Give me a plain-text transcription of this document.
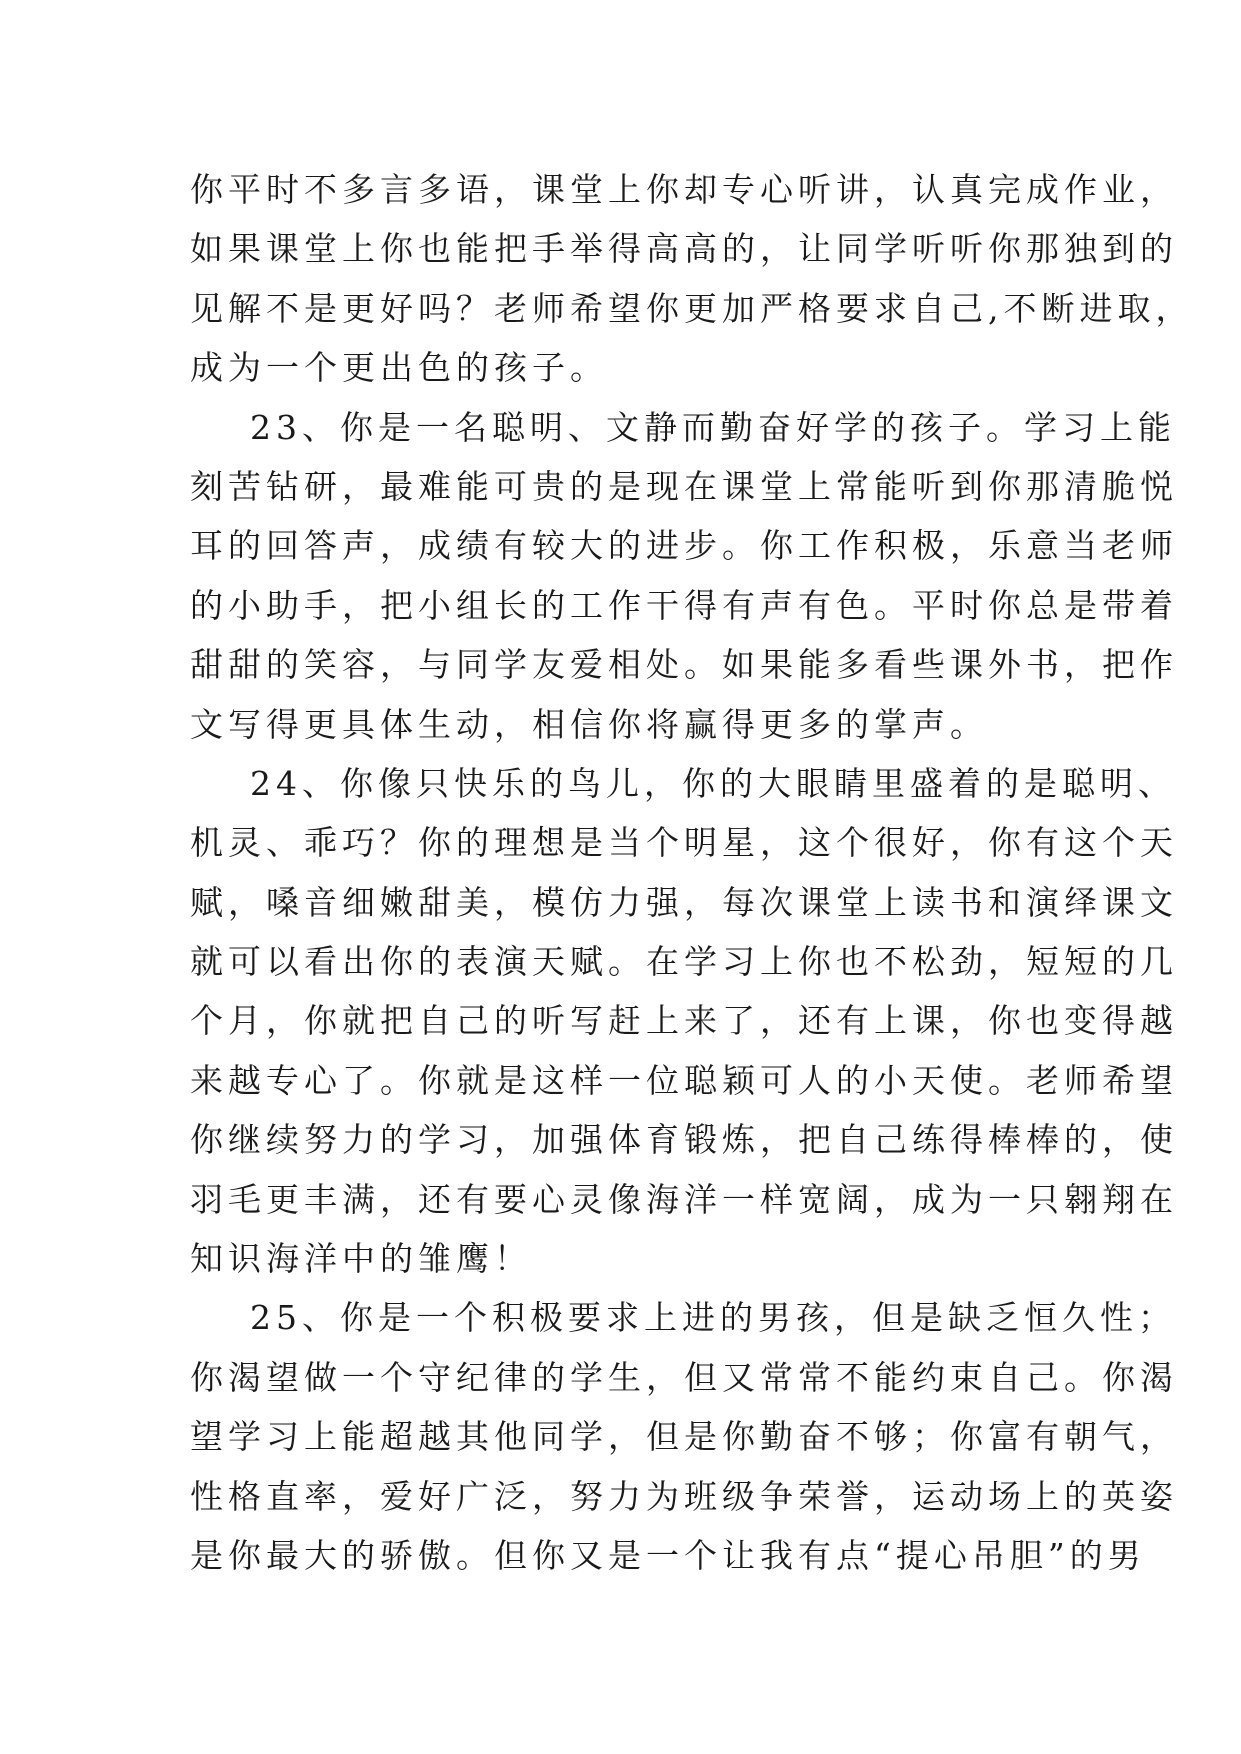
你平时不多言多语，课堂上你却专心听讲，认真完成作业，
如果课堂上你也能把手举得高高的，让同学听听你那独到的
见解不是更好吗？老师希望你更加严格要求自己,不断进取，
成为一个更出色的孩子。
23、你是一名聪明、文静而勤奋好学的孩子。学习上能
刻苦钻研，最难能可贵的是现在课堂上常能听到你那清脆悦
耳的回答声，成绩有较大的进步。你工作积极，乐意当老师
的小助手，把小组长的工作干得有声有色。平时你总是带着
甜甜的笑容，与同学友爱相处。如果能多看些课外书，把作
文写得更具体生动，相信你将赢得更多的掌声。
24、你像只快乐的鸟儿，你的大眼睛里盛着的是聪明、
机灵、乖巧？你的理想是当个明星，这个很好，你有这个天
赋，嗓音细嫩甜美，模仿力强，每次课堂上读书和演绎课文
就可以看出你的表演天赋。在学习上你也不松劲，短短的几
个月，你就把自己的听写赶上来了，还有上课，你也变得越
来越专心了。你就是这样一位聪颖可人的小天使。老师希望
你继续努力的学习，加强体育锻炼，把自己练得棒棒的，使
羽毛更丰满，还有要心灵像海洋一样宽阔，成为一只翱翔在
知识海洋中的雏鹰！
25、你是一个积极要求上进的男孩，但是缺乏恒久性；
你渴望做一个守纪律的学生，但又常常不能约束自己。你渴
望学习上能超越其他同学，但是你勤奋不够；你富有朝气，
性格直率，爱好广泛，努力为班级争荣誉，运动场上的英姿
是你最大的骄傲。但你又是一个让我有点“提心吊胆”的男
